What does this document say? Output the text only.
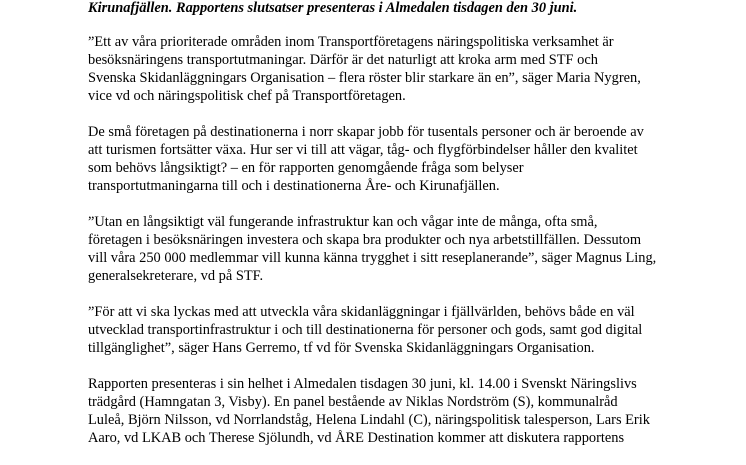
Kirunafjällen. Rapportens slutsatser presenteras i Almedalen tisdagen den 30 juni.
”Ett av våra prioriterade områden inom Transportföretagens näringspolitiska verksamhet är
besöksnäringens transportutmaningar. Därför är det naturligt att kroka arm med STF och
Svenska Skidanläggningars Organisation – flera röster blir starkare än en”, säger Maria Nygren,
vice vd och näringspolitisk chef på Transportföretagen.
De små företagen på destinationerna i norr skapar jobb för tusentals personer och är beroende av
att turismen fortsätter växa. Hur ser vi till att vägar, tåg- och flygförbindelser håller den kvalitet
som behövs långsiktigt? – en för rapporten genomgående fråga som belyser
transportutmaningarna till och i destinationerna Åre- och Kirunafjällen.
”Utan en långsiktigt väl fungerande infrastruktur kan och vågar inte de många, ofta små,
företagen i besöksnäringen investera och skapa bra produkter och nya arbetstillfällen. Dessutom
vill våra 250 000 medlemmar vill kunna känna trygghet i sitt reseplanerande”, säger Magnus Ling,
generalsekreterare, vd på STF.
”För att vi ska lyckas med att utveckla våra skidanläggningar i fjällvärlden, behövs både en väl
utvecklad transportinfrastruktur i och till destinationerna för personer och gods, samt god digital
tillgänglighet”, säger Hans Gerremo, tf vd för Svenska Skidanläggningars Organisation.
Rapporten presenteras i sin helhet i Almedalen tisdagen 30 juni, kl. 14.00 i Svenskt Näringslivs
trädgård (Hamngatan 3, Visby). En panel bestående av Niklas Nordström (S), kommunalråd
Luleå, Björn Nilsson, vd Norrlandståg, Helena Lindahl (C), näringspolitisk talesperson, Lars Erik
Aaro, vd LKAB och Therese Sjölundh, vd ÅRE Destination kommer att diskutera rapportens
